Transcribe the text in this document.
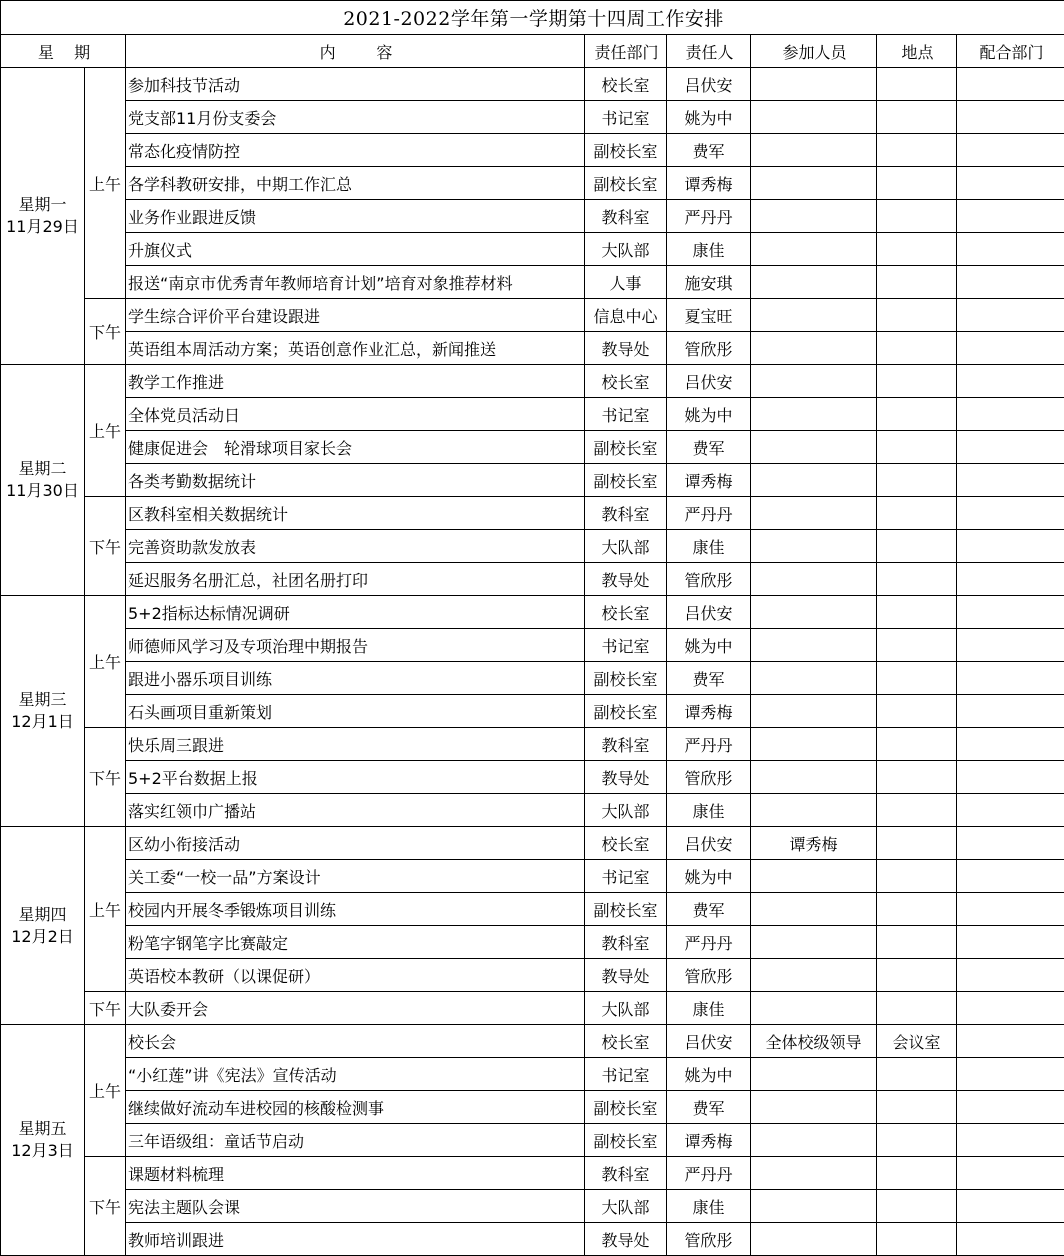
2021-2022学年第一学期第十四周工作安排							
星    期		内        容	责任部门	责任人	参加人员	地点	配合部门

星期一
11月29日	上午	参加科技节活动	校长室	吕伏安			
		党支部11月份支委会	书记室	姚为中			
		常态化疫情防控	副校长室	费军			
		各学科教研安排，中期工作汇总	副校长室	谭秀梅			
		业务作业跟进反馈	教科室	严丹丹			
		升旗仪式	大队部	康佳			
		报送“南京市优秀青年教师培育计划”培育对象推荐材料	人事	施安琪			
	下午	学生综合评价平台建设跟进	信息中心	夏宝旺			
		英语组本周活动方案；英语创意作业汇总，新闻推送	教导处	管欣彤			

星期二
11月30日	上午	教学工作推进	校长室	吕伏安			
		全体党员活动日	书记室	姚为中			
		健康促进会　轮滑球项目家长会	副校长室	费军			
		各类考勤数据统计	副校长室	谭秀梅			
	下午	区教科室相关数据统计	教科室	严丹丹			
		完善资助款发放表	大队部	康佳			
		延迟服务名册汇总，社团名册打印	教导处	管欣彤			

星期三
12月1日	上午	5+2指标达标情况调研	校长室	吕伏安			
		师德师风学习及专项治理中期报告	书记室	姚为中			
		跟进小器乐项目训练	副校长室	费军			
		石头画项目重新策划	副校长室	谭秀梅			
	下午	快乐周三跟进	教科室	严丹丹			
		5+2平台数据上报	教导处	管欣彤			
		落实红领巾广播站	大队部	康佳			

星期四
12月2日	上午	区幼小衔接活动	校长室	吕伏安	谭秀梅		
		关工委“一校一品”方案设计	书记室	姚为中			
		校园内开展冬季锻炼项目训练	副校长室	费军			
		粉笔字钢笔字比赛敲定	教科室	严丹丹			
		英语校本教研（以课促研）	教导处	管欣彤			
	下午	大队委开会	大队部	康佳			

星期五
12月3日	上午	校长会	校长室	吕伏安	全体校级领导	会议室	
		“小红莲”讲《宪法》宣传活动	书记室	姚为中			
		继续做好流动车进校园的核酸检测事	副校长室	费军			
		三年语级组：童话节启动	副校长室	谭秀梅			
	下午	课题材料梳理	教科室	严丹丹			
		宪法主题队会课	大队部	康佳			
		教师培训跟进	教导处	管欣彤			
